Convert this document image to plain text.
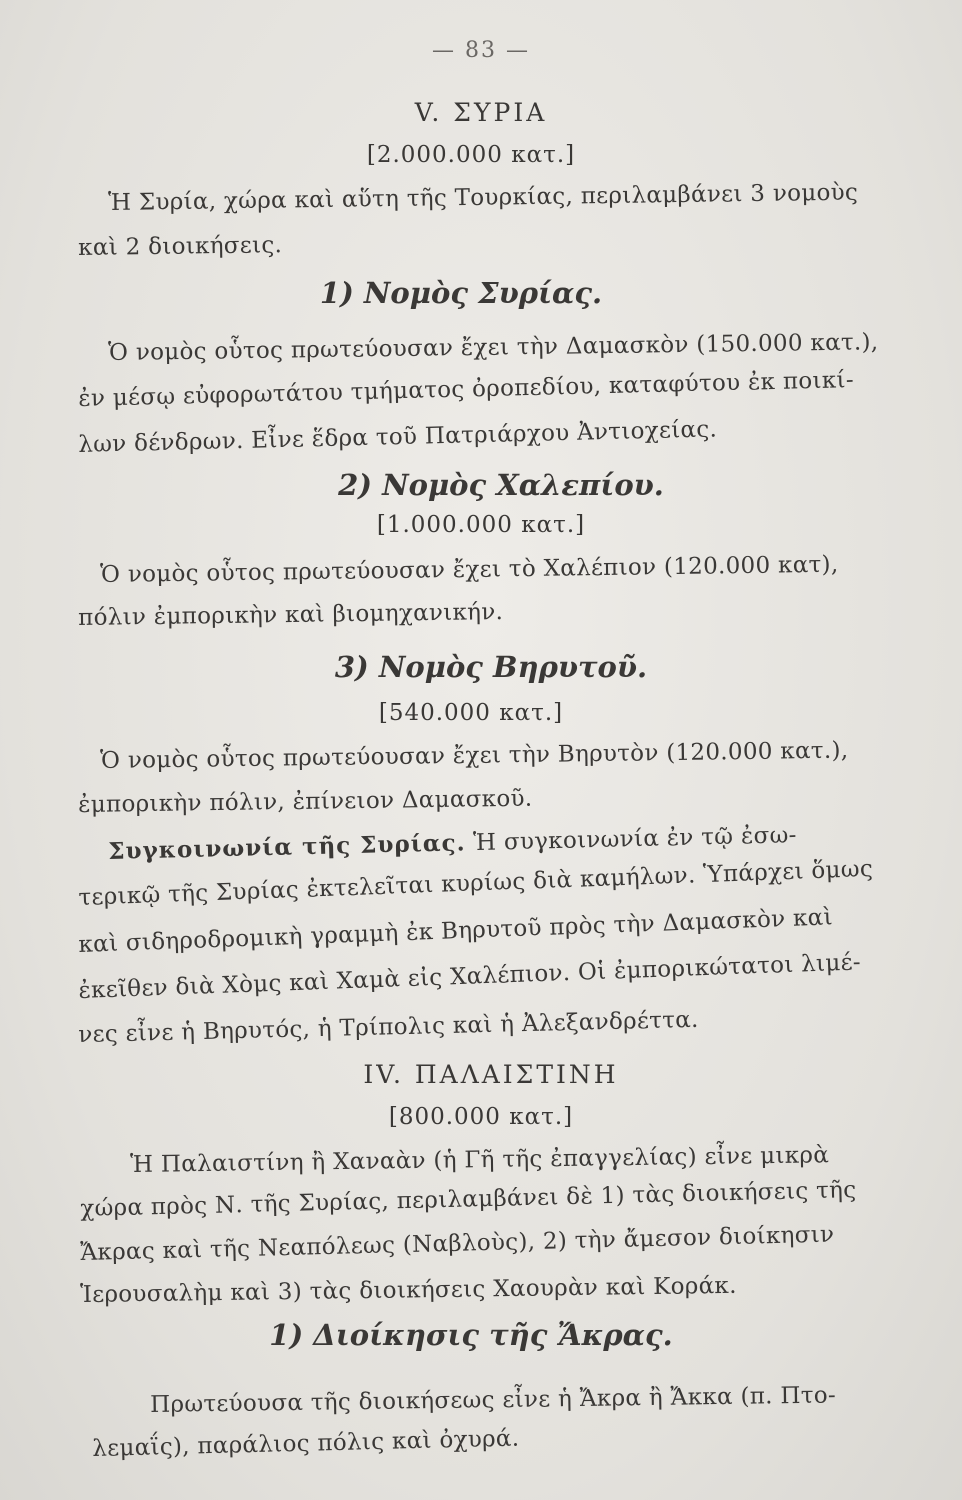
— 83 —
V. ΣΥΡΙΑ
[2.000.000 κατ.]
Ἡ Συρία, χώρα καὶ αὕτη τῆς Τουρκίας, περιλαμβάνει 3 νομοὺς
καὶ 2 διοικήσεις.
1) Νομὸς Συρίας.
Ὁ νομὸς οὗτος πρωτεύουσαν ἔχει τὴν Δαμασκὸν (150.000 κατ.),
ἐν μέσῳ εὐφορωτάτου τμήματος ὀροπεδίου, καταφύτου ἐκ ποικί-
λων δένδρων. Εἶνε ἕδρα τοῦ Πατριάρχου Ἀντιοχείας.
2) Νομὸς Χαλεπίου.
[1.000.000 κατ.]
Ὁ νομὸς οὗτος πρωτεύουσαν ἔχει τὸ Χαλέπιον (120.000 κατ),
πόλιν ἐμπορικὴν καὶ βιομηχανικήν.
3) Νομὸς Βηρυτοῦ.
[540.000 κατ.]
Ὁ νομὸς οὗτος πρωτεύουσαν ἔχει τὴν Βηρυτὸν (120.000 κατ.),
ἐμπορικὴν πόλιν, ἐπίνειον Δαμασκοῦ.
Συγκοινωνία τῆς Συρίας. Ἡ συγκοινωνία ἐν τῷ ἐσω-
τερικῷ τῆς Συρίας ἐκτελεῖται κυρίως διὰ καμήλων. Ὑπάρχει ὅμως
καὶ σιδηροδρομικὴ γραμμὴ ἐκ Βηρυτοῦ πρὸς τὴν Δαμασκὸν καὶ
ἐκεῖθεν διὰ Χὸμς καὶ Χαμὰ εἰς Χαλέπιον. Οἱ ἐμπορικώτατοι λιμέ-
νες εἶνε ἡ Βηρυτός, ἡ Τρίπολις καὶ ἡ Ἀλεξανδρέττα.
IV. ΠΑΛΑΙΣΤΙΝΗ
[800.000 κατ.]
Ἡ Παλαιστίνη ἢ Χαναὰν (ἡ Γῆ τῆς ἐπαγγελίας) εἶνε μικρὰ
χώρα πρὸς Ν. τῆς Συρίας, περιλαμβάνει δὲ 1) τὰς διοικήσεις τῆς
Ἄκρας καὶ τῆς Νεαπόλεως (Ναβλοὺς), 2) τὴν ἄμεσον διοίκησιν
Ἱερουσαλὴμ καὶ 3) τὰς διοικήσεις Χαουρὰν καὶ Κοράκ.
1) Διοίκησις τῆς Ἄκρας.
Πρωτεύουσα τῆς διοικήσεως εἶνε ἡ Ἄκρα ἢ Ἄκκα (π. Πτο-
λεμαΐς), παράλιος πόλις καὶ ὀχυρά.
